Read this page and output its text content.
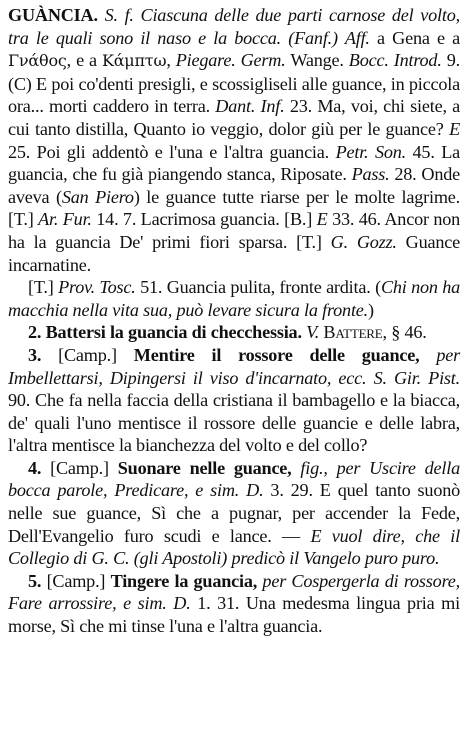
GUÀNCIA. S. f. Ciascuna delle due parti carnose del volto, tra le quali sono il naso e la bocca. (Fanf.) Aff. a Gena e a Γνάθος, e a Κάμπτω, Piegare. Germ. Wange. Bocc. Introd. 9. (C) E poi co'denti presigli, e scossigliseli alle guance, in piccola ora... morti caddero in terra. Dant. Inf. 23. Ma, voi, chi siete, a cui tanto distilla, Quanto io veggio, dolor giù per le guance? E 25. Poi gli addentò e l'una e l'altra guancia. Petr. Son. 45. La guancia, che fu già piangendo stanca, Riposate. Pass. 28. Onde aveva (San Piero) le guance tutte riarse per le molte lagrime. [T.] Ar. Fur. 14. 7. Lacrimosa guancia. [B.] E 33. 46. Ancor non ha la guancia De' primi fiori sparsa. [T.] G. Gozz. Guance incarnatine.

[T.] Prov. Tosc. 51. Guancia pulita, fronte ardita. (Chi non ha macchia nella vita sua, può levare sicura la fronte.)

2. Battersi la guancia di checchessia. V. Battere, § 46.

3. [Camp.] Mentire il rossore delle guance, per Imbellettarsi, Dipingersi il viso d'incarnato, ecc. S. Gir. Pist. 90. Che fa nella faccia della cristiana il bambagello e la biacca, de' quali l'uno mentisce il rossore delle guancie e delle labra, l'altra mentisce la bianchezza del volto e del collo?

4. [Camp.] Suonare nelle guance, fig., per Uscire della bocca parole, Predicare, e sim. D. 3. 29. E quel tanto suonò nelle sue guance, Sì che a pugnar, per accender la Fede, Dell'Evangelio furo scudi e lance. — E vuol dire, che il Collegio di G. C. (gli Apostoli) predicò il Vangelo puro puro.

5. [Camp.] Tingere la guancia, per Cospergerla di rossore, Fare arrossire, e sim. D. 1. 31. Una medesma lingua pria mi morse, Sì che mi tinse l'una e l'altra guancia.
